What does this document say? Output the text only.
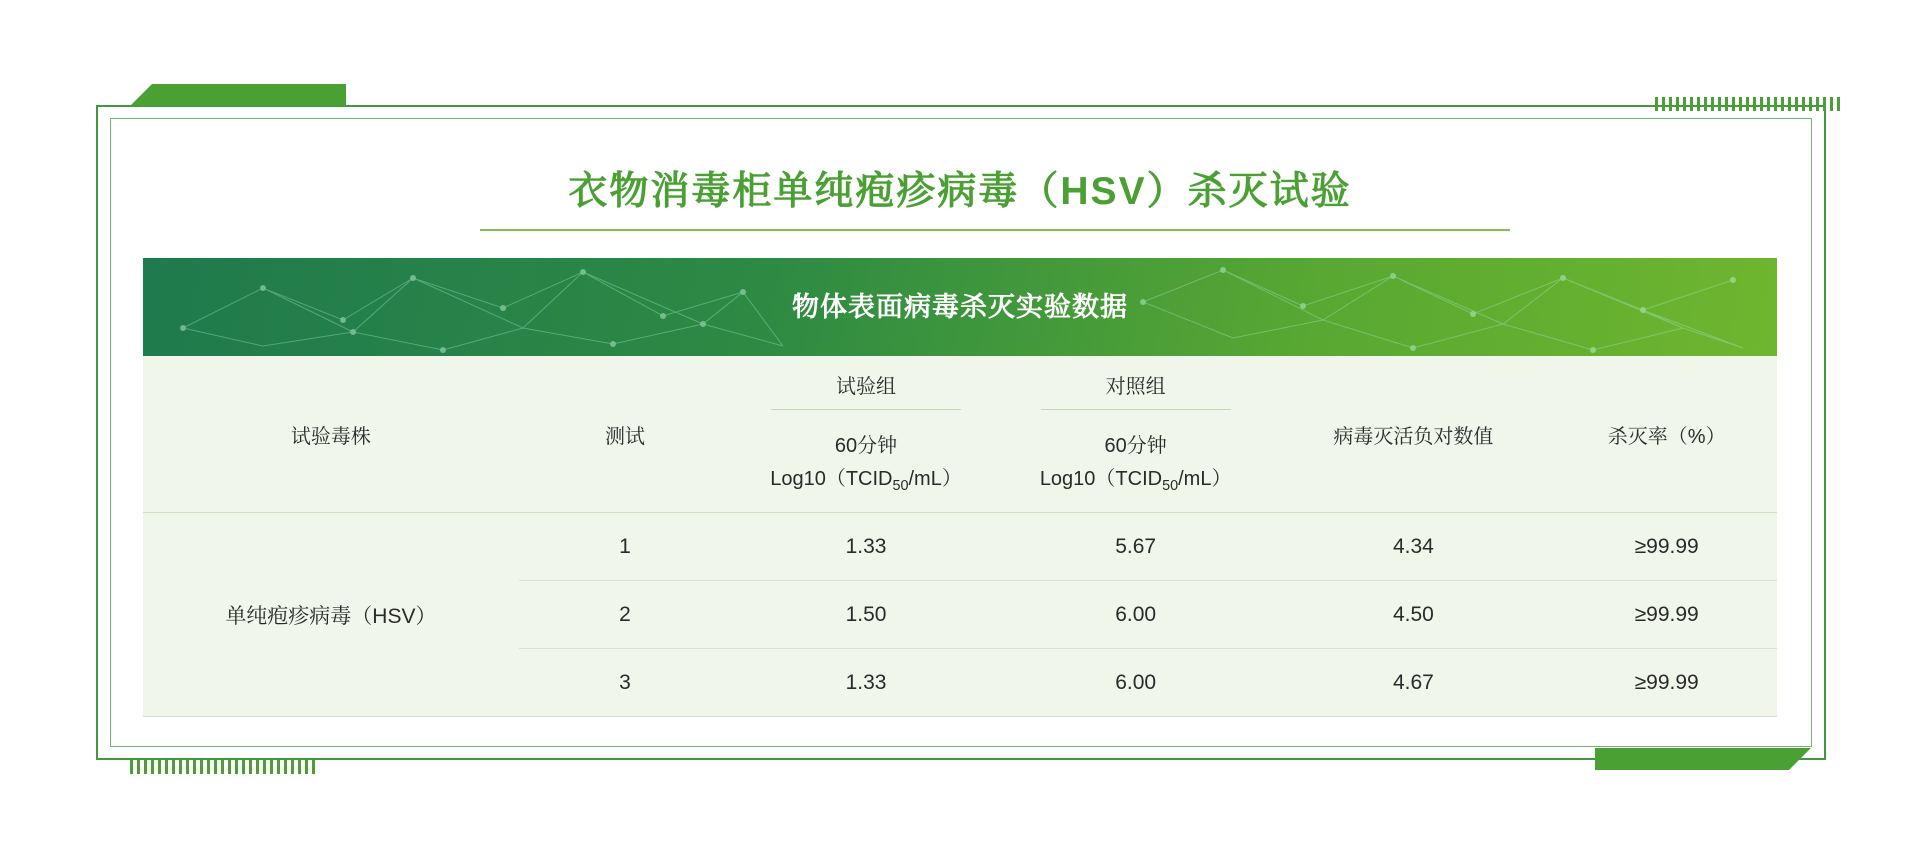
衣物消毒柜单纯疱疹病毒（HSV）杀灭试验
物体表面病毒杀灭实验数据
试验毒株	测试	试验组	对照组	病毒灭活负对数值	杀灭率（%）

60分钟
$Log10(TCID_{50}/mL)$

60分钟
$Log10(TCID_{50}/mL)$

单纯疱疹病毒（HSV）	1	1.33	5.67	4.34	≥99.99
	2	1.50	6.00	4.50	≥99.99
	3	1.33	6.00	4.67	≥99.99
